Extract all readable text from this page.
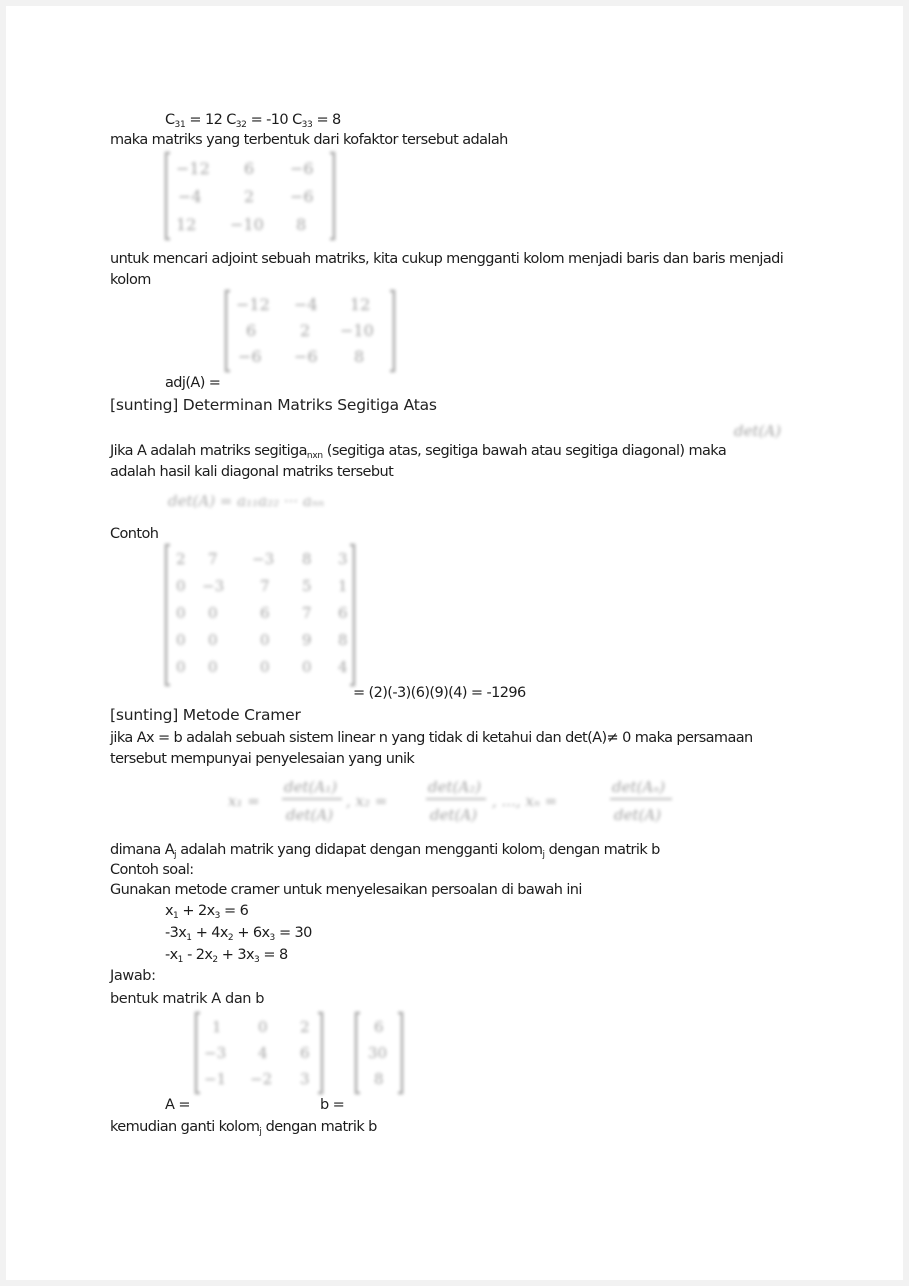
$C_{31} = 12$ $C_{32} = -10$ $C_{33} = 8$
maka matriks yang terbentuk dari kofaktor tersebut adalah
−12 6 −6
−4	2 −6
12 −10 8
untuk mencari adjoint sebuah matriks, kita cukup mengganti kolom menjadi baris dan baris menjadi
kolom
−12 −4 12
6	2 −10
−6 −6 8
adj(A) =
[sunting] Determinan Matriks Segitiga Atas
det(A)
Jika A adalah matriks segitiga$_{nxn}$ (segitiga atas, segitiga bawah atau segitiga diagonal) maka
adalah hasil kali diagonal matriks tersebut
det(A) = a₁₁a₂₂ ··· aₙₙ
Contoh
2 7 −3 8 3
0 −3 7 5 1
0 0	6 7 6
0 0	0 9 8
0 0	0 0 4
= (2)(-3)(6)(9)(4) = -1296
[sunting] Metode Cramer
jika Ax = b adalah sebuah sistem linear n yang tidak di ketahui dan det(A)≠ 0 maka persamaan
tersebut mempunyai penyelesaian yang unik
x₁ =
det(A₁)
det(A)
, x₂ =
det(A₂)
det(A)
, ..., xₙ =
det(Aₙ)
det(A)
dimana $A_j$ adalah matrik yang didapat dengan mengganti kolom$_j$ dengan matrik b
Contoh soal:
Gunakan metode cramer untuk menyelesaikan persoalan di bawah ini
$x_1 + 2x_3 = 6$
$-3x_1 + 4x_2 + 6x_3 = 30$
$-x_1 - 2x_2 + 3x_3 = 8$
Jawab:
bentuk matrik A dan b
1 0 2
−3 4 6
−1 −2 3
6
30
8
A =	b =
kemudian ganti kolom$_j$ dengan matrik b
